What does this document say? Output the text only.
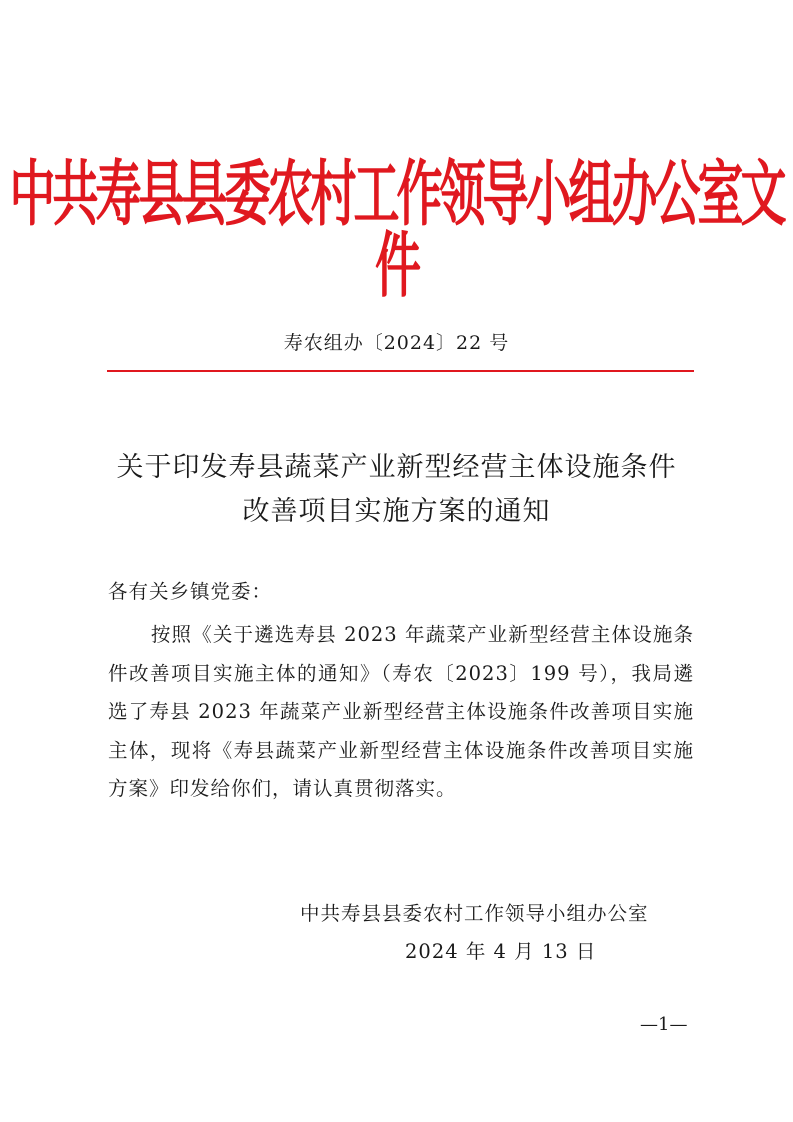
中共寿县县委农村工作领导小组办公室文件
寿农组办〔2024〕22 号
关于印发寿县蔬菜产业新型经营主体设施条件
改善项目实施方案的通知
各有关乡镇党委：
按照《关于遴选寿县 2023 年蔬菜产业新型经营主体设施条件改善项目实施主体的通知》（寿农〔2023〕199 号），我局遴选了寿县 2023 年蔬菜产业新型经营主体设施条件改善项目实施主体，现将《寿县蔬菜产业新型经营主体设施条件改善项目实施方案》印发给你们，请认真贯彻落实。
中共寿县县委农村工作领导小组办公室
2024 年 4 月 13 日
—1—
